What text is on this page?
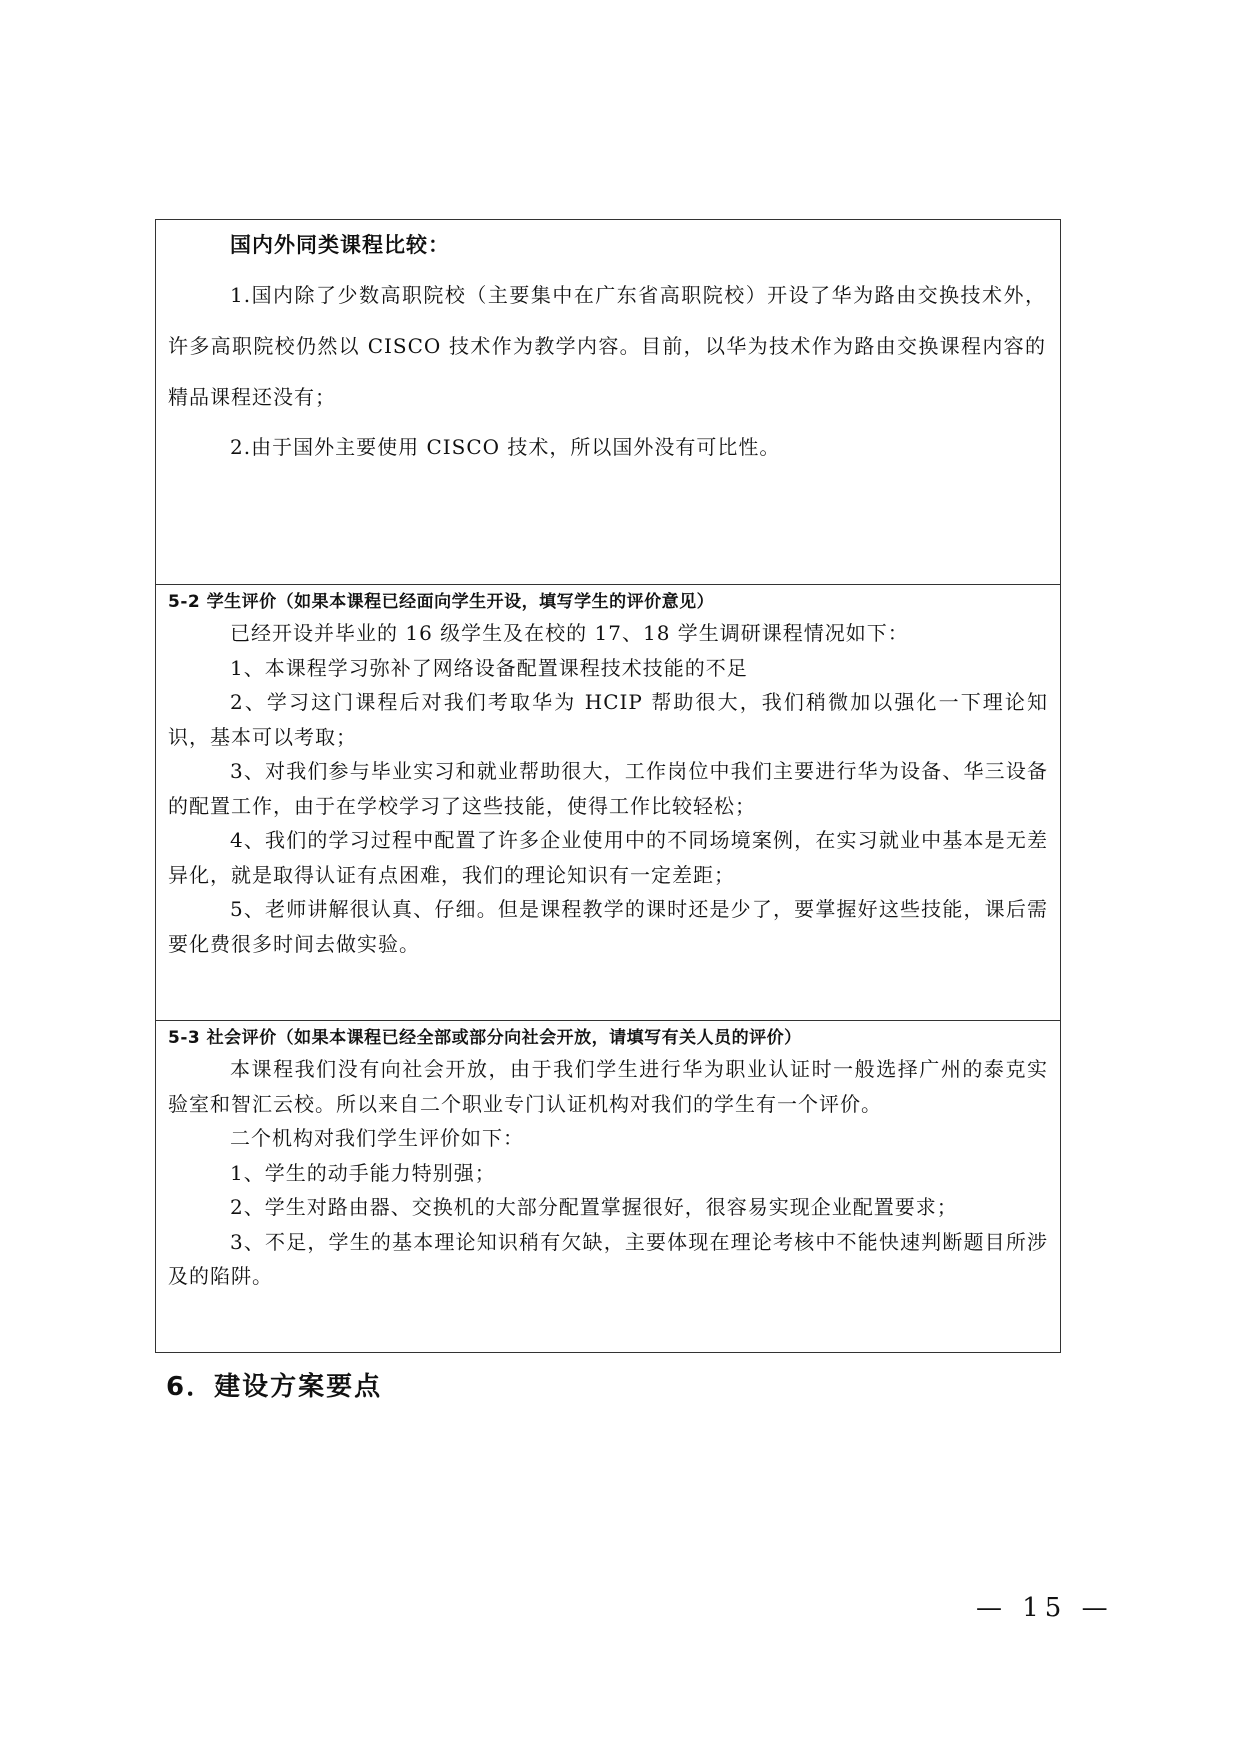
国内外同类课程比较：

1.国内除了少数高职院校（主要集中在广东省高职院校）开设了华为路由交换技术外，许多高职院校仍然以 CISCO 技术作为教学内容。目前，以华为技术作为路由交换课程内容的精品课程还没有；

2.由于国外主要使用 CISCO 技术，所以国外没有可比性。

5-2 学生评价（如果本课程已经面向学生开设，填写学生的评价意见）

已经开设并毕业的 16 级学生及在校的 17、18 学生调研课程情况如下：

1、本课程学习弥补了网络设备配置课程技术技能的不足

2、学习这门课程后对我们考取华为 HCIP 帮助很大，我们稍微加以强化一下理论知识，基本可以考取；

3、对我们参与毕业实习和就业帮助很大，工作岗位中我们主要进行华为设备、华三设备的配置工作，由于在学校学习了这些技能，使得工作比较轻松；

4、我们的学习过程中配置了许多企业使用中的不同场境案例，在实习就业中基本是无差异化，就是取得认证有点困难，我们的理论知识有一定差距；

5、老师讲解很认真、仔细。但是课程教学的课时还是少了，要掌握好这些技能，课后需要化费很多时间去做实验。

5-3 社会评价（如果本课程已经全部或部分向社会开放，请填写有关人员的评价）

本课程我们没有向社会开放，由于我们学生进行华为职业认证时一般选择广州的泰克实验室和智汇云校。所以来自二个职业专门认证机构对我们的学生有一个评价。

二个机构对我们学生评价如下：

1、学生的动手能力特别强；

2、学生对路由器、交换机的大部分配置掌握很好，很容易实现企业配置要求；

3、不足，学生的基本理论知识稍有欠缺，主要体现在理论考核中不能快速判断题目所涉及的陷阱。

6．建设方案要点

— 15 —
